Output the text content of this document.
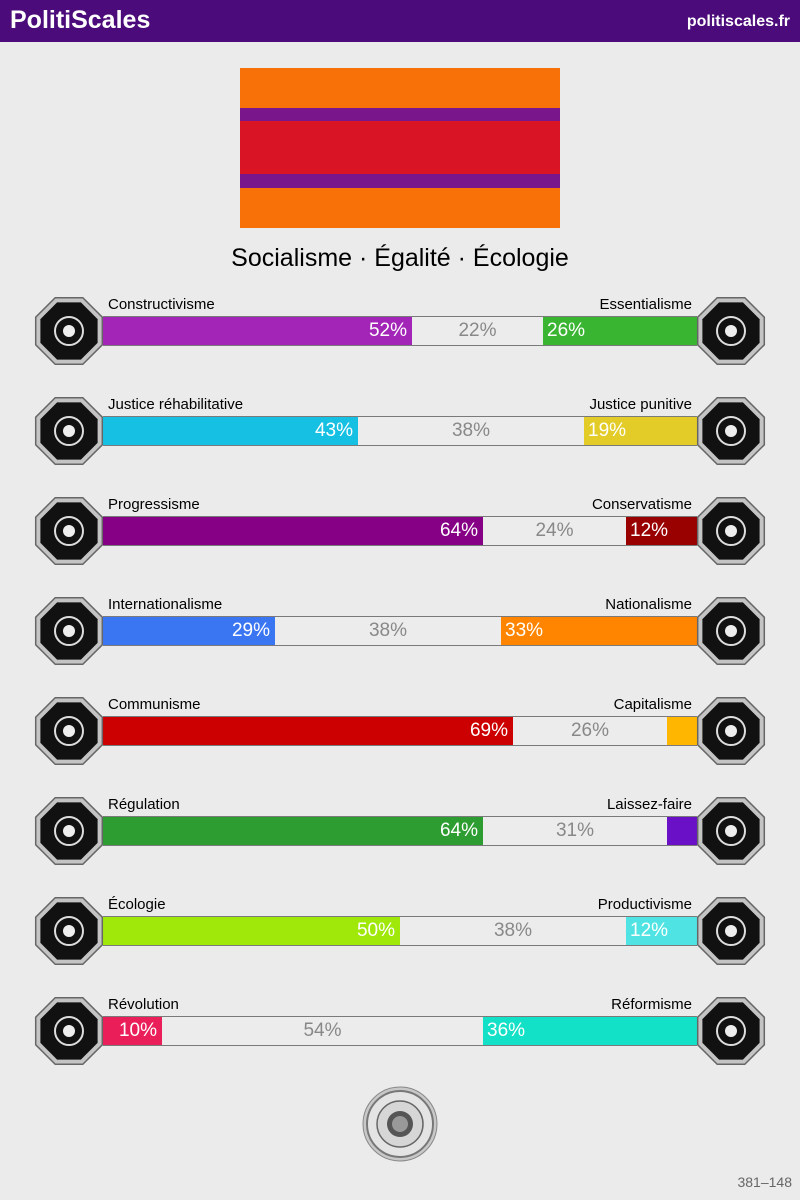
PolitiScales	politiscales.fr
Socialisme · Égalité · Écologie
Constructivisme	Essentialisme
52%	22%	26%
Justice réhabilitative	Justice punitive
43%	38%	19%
Progressisme	Conservatisme
64%	24%	12%
Internationalisme	Nationalisme
29%	38%	33%
Communisme	Capitalisme
69%	26%
Régulation	Laissez-faire
64%	31%
Écologie	Productivisme
50%	38%	12%
Révolution	Réformisme
10%	54%	36%
381–148
